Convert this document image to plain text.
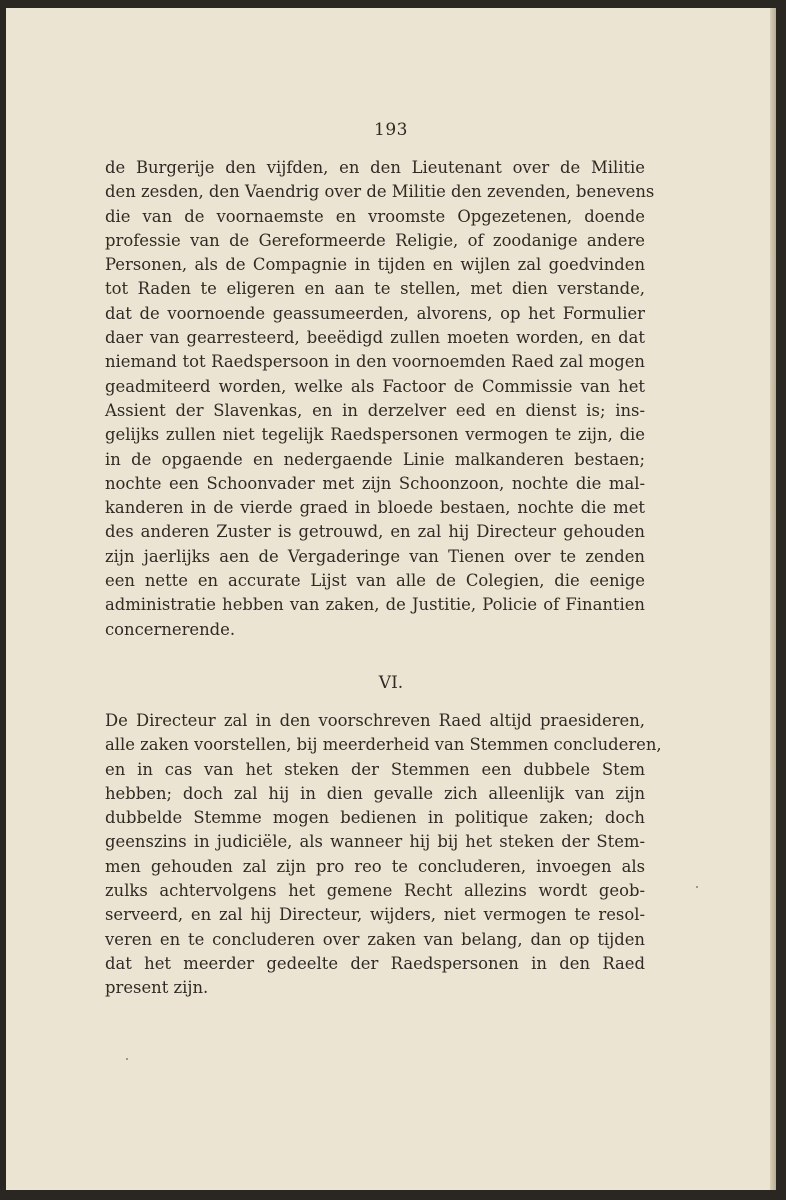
193
de Burgerije den vijfden, en den Lieutenant over de Militie
den zesden, den Vaendrig over de Militie den zevenden, benevens
die van de voornaemste en vroomste Opgezetenen, doende
professie van de Gereformeerde Religie, of zoodanige andere
Personen, als de Compagnie in tijden en wijlen zal goedvinden
tot Raden te eligeren en aan te stellen, met dien verstande,
dat de voornoende geassumeerden, alvorens, op het Formulier
daer van gearresteerd, beeëdigd zullen moeten worden, en dat
niemand tot Raedspersoon in den voornoemden Raed zal mogen
geadmiteerd worden, welke als Factoor de Commissie van het
Assient der Slavenkas, en in derzelver eed en dienst is; ins-
gelijks zullen niet tegelijk Raedspersonen vermogen te zijn, die
in de opgaende en nedergaende Linie malkanderen bestaen;
nochte een Schoonvader met zijn Schoonzoon, nochte die mal-
kanderen in de vierde graed in bloede bestaen, nochte die met
des anderen Zuster is getrouwd, en zal hij Directeur gehouden
zijn jaerlijks aen de Vergaderinge van Tienen over te zenden
een nette en accurate Lijst van alle de Colegien, die eenige
administratie hebben van zaken, de Justitie, Policie of Finantien
concernerende.
VI.
De Directeur zal in den voorschreven Raed altijd praesideren,
alle zaken voorstellen, bij meerderheid van Stemmen concluderen,
en in cas van het steken der Stemmen een dubbele Stem
hebben; doch zal hij in dien gevalle zich alleenlijk van zijn
dubbelde Stemme mogen bedienen in politique zaken; doch
geenszins in judiciële, als wanneer hij bij het steken der Stem-
men gehouden zal zijn pro reo te concluderen, invoegen als
zulks achtervolgens het gemene Recht allezins wordt geob-
serveerd, en zal hij Directeur, wijders, niet vermogen te resol-
veren en te concluderen over zaken van belang, dan op tijden
dat het meerder gedeelte der Raedspersonen in den Raed
present zijn.
